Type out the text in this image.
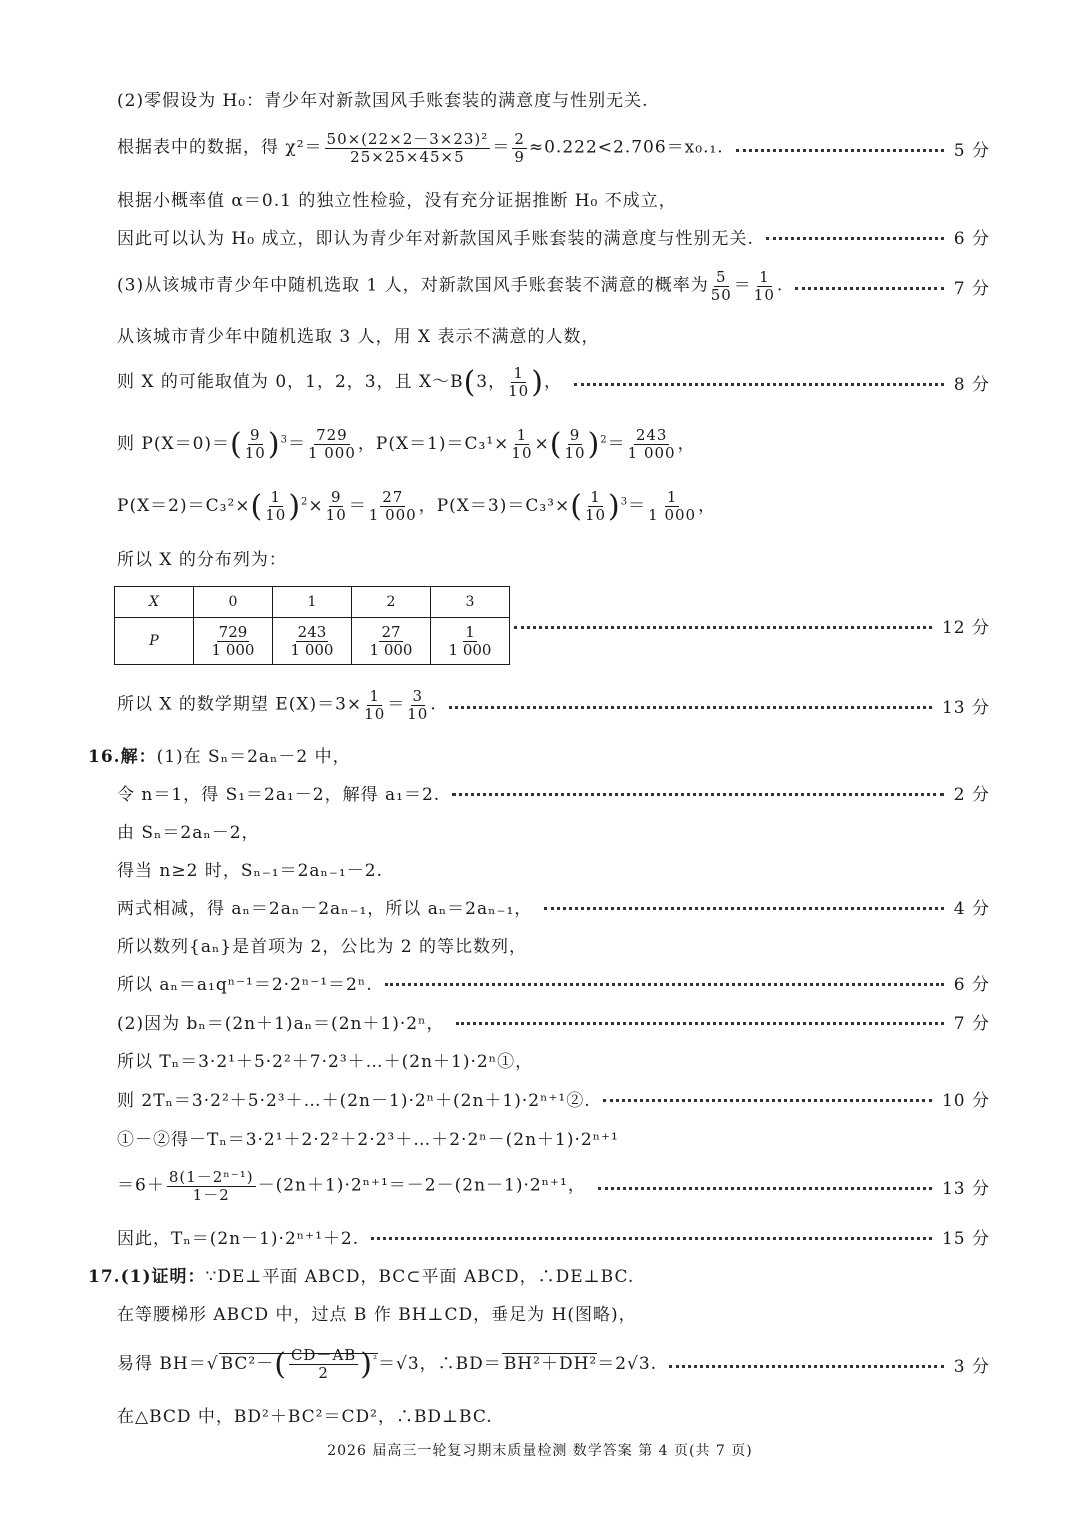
(2)零假设为 H₀：青少年对新款国风手账套装的满意度与性别无关.
根据表中的数据，得 $\chi^2= \frac{\text{50×(22×2－3×23)²}}{25\times 25\times 45\times 5} = \frac{2}{9} \approx 0.222<2.706=x_0._1$.	5 分
根据小概率值 α＝0.1 的独立性检验，没有充分证据推断 H₀ 不成立，
因此可以认为 H₀ 成立，即认为青少年对新款国风手账套装的满意度与性别无关.	6 分
(3)从该城市青少年中随机选取 1 人，对新款国风手账套装不满意的概率为 $\frac{5}{50} = \frac{1}{10}$ .	7 分
从该城市青少年中随机选取 3 人，用 X 表示不满意的人数，
则 X 的可能取值为 0，1，2，3，且 X～B(3， $\frac{1}{10}$ )，	8 分
则 $P(X=0)=( \frac{9}{10} )^3= \frac{729}{1 000}$ ，$P(X=1)=C_3^1\times \frac{1}{10}$ ×( $\frac{9}{10} )^2= \frac{243}{1 000}$ ，
$P(X=2)=C_3^2\times( \frac{1}{10} )^2\times \frac{9}{10} = \frac{27}{1 000}$ ，$P(X=3)=C_3^3\times( \frac{1}{10} )^3= \frac{1}{1 000}$ ，
所以 X 的分布列为：
X	0	1	2	3
P	$\frac{729}{1 000}$	$\frac{243}{1 000}$	$\frac{27}{1 000}$	$\frac{1}{1 000}$	12 分
所以 X 的数学期望 $E(X)=3\times \frac{1}{10} = \frac{3}{10}$ .	13 分
16.解：(1)在 Sₙ＝2aₙ－2 中，
令 n＝1，得 S₁＝2a₁－2，解得 a₁＝2.	2 分
由 Sₙ＝2aₙ－2，
得当 n≥2 时，Sₙ₋₁＝2aₙ₋₁－2.
两式相减，得 aₙ＝2aₙ－2aₙ₋₁，所以 aₙ＝2aₙ₋₁，	4 分
所以数列{aₙ}是首项为 2，公比为 2 的等比数列，
所以 aₙ＝a₁qⁿ⁻¹＝2·2ⁿ⁻¹＝2ⁿ.	6 分
(2)因为 bₙ＝(2n＋1)aₙ＝(2n＋1)·2ⁿ，	7 分
所以 Tₙ＝3·2¹＋5·2²＋7·2³＋…＋(2n＋1)·2ⁿ①，
则 2Tₙ＝3·2²＋5·2³＋…＋(2n－1)·2ⁿ＋(2n＋1)·2ⁿ⁺¹②.	10 分
①－②得－Tₙ＝3·2¹＋2·2²＋2·2³＋…＋2·2ⁿ－(2n＋1)·2ⁿ⁺¹
$=6+ \frac{\text{8(1－2ⁿ⁻¹)}}{1-2} -(2n+1)\cdot 2^{n+1}=-2-(2n-1)\cdot 2^{n+1}$，	13 分
因此，Tₙ＝(2n－1)·2ⁿ⁺¹＋2.	15 分
17.(1)证明：∵DE⊥平面 ABCD，BC⊂平面 ABCD，∴DE⊥BC.
在等腰梯形 ABCD 中，过点 B 作 BH⊥CD，垂足为 H(图略)，
易得 BH＝√ $BC^2-( \frac{CD-AB}{2} )^{^2}=√3$，∴BD＝ BH²＋DH²＝2√3.	3 分
在△BCD 中，BD²＋BC²＝CD²，∴BD⊥BC.
2026 届高三一轮复习期末质量检测 数学答案 第 4 页(共 7 页)
